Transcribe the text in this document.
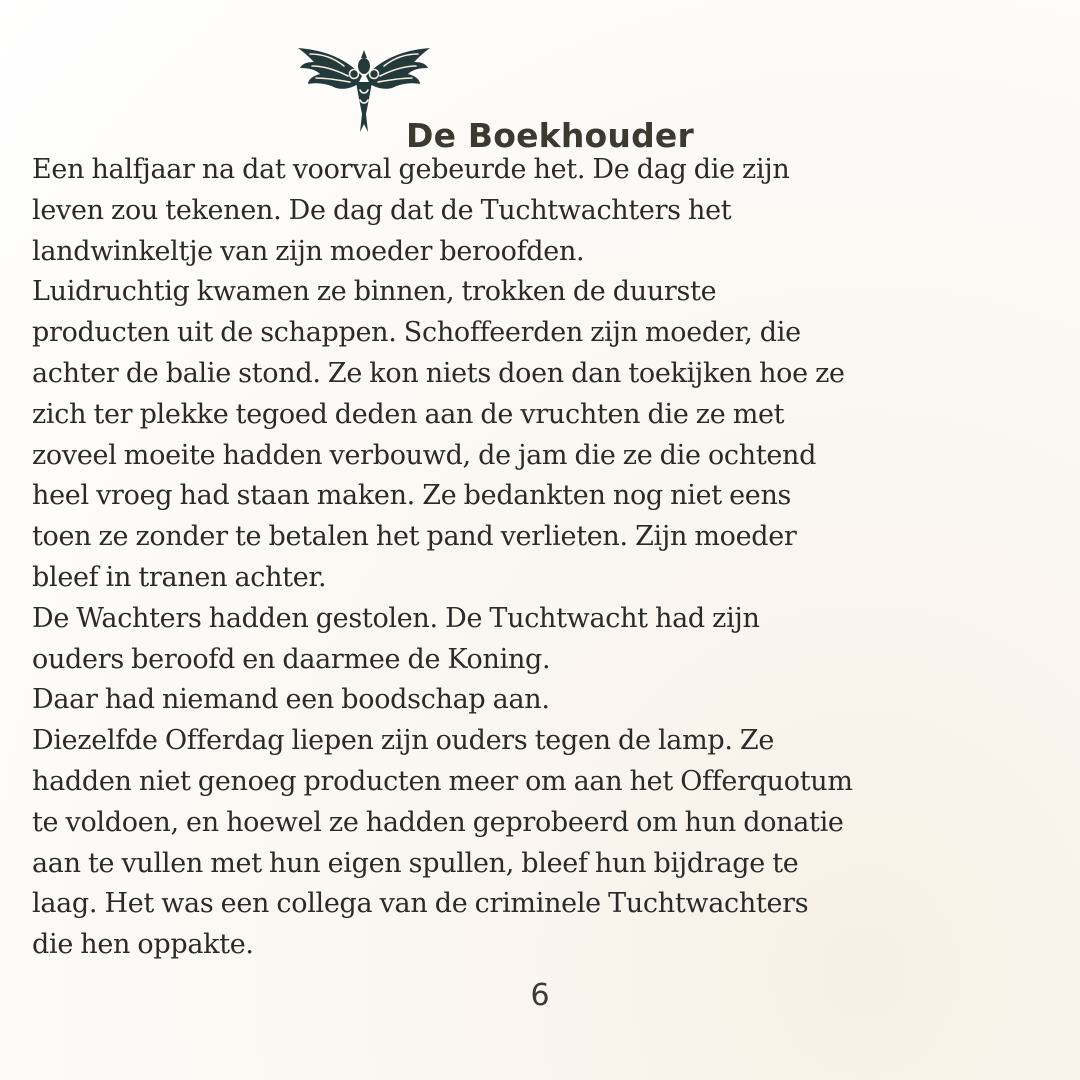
De Boekhouder
Een halfjaar na dat voorval gebeurde het. De dag die zijn
leven zou tekenen. De dag dat de Tuchtwachters het
landwinkeltje van zijn moeder beroofden.
Luidruchtig kwamen ze binnen, trokken de duurste
producten uit de schappen. Schoffeerden zijn moeder, die
achter de balie stond. Ze kon niets doen dan toekijken hoe ze
zich ter plekke tegoed deden aan de vruchten die ze met
zoveel moeite hadden verbouwd, de jam die ze die ochtend
heel vroeg had staan maken. Ze bedankten nog niet eens
toen ze zonder te betalen het pand verlieten. Zijn moeder
bleef in tranen achter.
De Wachters hadden gestolen. De Tuchtwacht had zijn
ouders beroofd en daarmee de Koning.
Daar had niemand een boodschap aan.
Diezelfde Offerdag liepen zijn ouders tegen de lamp. Ze
hadden niet genoeg producten meer om aan het Offerquotum
te voldoen, en hoewel ze hadden geprobeerd om hun donatie
aan te vullen met hun eigen spullen, bleef hun bijdrage te
laag. Het was een collega van de criminele Tuchtwachters
die hen oppakte.
6
